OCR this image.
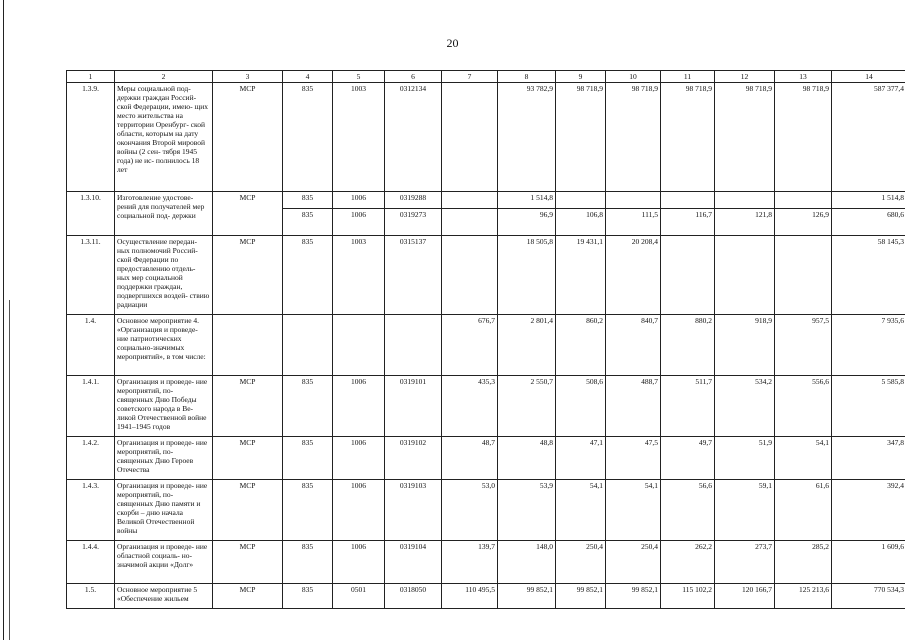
20
1	2	3	4	5	6	7	8	9	10	11	12	13	14
1.3.9.	Меры социальной под- держки граждан Россий- ской Федерации, имею- щих место жительства на территории Оренбург- ской области, которым на дату окончания Второй мировой войны (2 сен- тября 1945 года) не ис- полнилось 18 лет	МСР	835	1003	0312134		93 782,9	98 718,9	98 718,9	98 718,9	98 718,9	98 718,9	587 377,4
1.3.10.	Изготовление удостове- рений для получателей мер социальной под- держки	МСР	835	1006	0319288		1 514,8						1 514,8
			835	1006	0319273		96,9	106,8	111,5	116,7	121,8	126,9	680,6
1.3.11.	Осуществление передан- ных полномочий Россий- ской Федерации по предоставлению отдель- ных мер социальной поддержки граждан, подвергшихся воздей- ствию радиации	МСР	835	1003	0315137		18 505,8	19 431,1	20 208,4				58 145,3
1.4.	Основное мероприятие 4. «Организация и проведе- ние патриотических социально-значимых мероприятий», в том числе:					676,7	2 801,4	860,2	840,7	880,2	918,9	957,5	7 935,6
1.4.1.	Организация и проведе- ние мероприятий, по- священных Дню Победы советского народа в Ве- ликой Отечественной войне 1941–1945 годов	МСР	835	1006	0319101	435,3	2 550,7	508,6	488,7	511,7	534,2	556,6	5 585,8
1.4.2.	Организация и проведе- ние мероприятий, по- священных Дню Героев Отечества	МСР	835	1006	0319102	48,7	48,8	47,1	47,5	49,7	51,9	54,1	347,8
1.4.3.	Организация и проведе- ние мероприятий, по- священных Дню памяти и скорби – дню начала Великой Отечественной войны	МСР	835	1006	0319103	53,0	53,9	54,1	54,1	56,6	59,1	61,6	392,4
1.4.4.	Организация и проведе- ние областной социаль- но-значимой акции «Долг»	МСР	835	1006	0319104	139,7	148,0	250,4	250,4	262,2	273,7	285,2	1 609,6
1.5.	Основное мероприятие 5 «Обеспечение жильем	МСР	835	0501	0318050	110 495,5	99 852,1	99 852,1	99 852,1	115 102,2	120 166,7	125 213,6	770 534,3
